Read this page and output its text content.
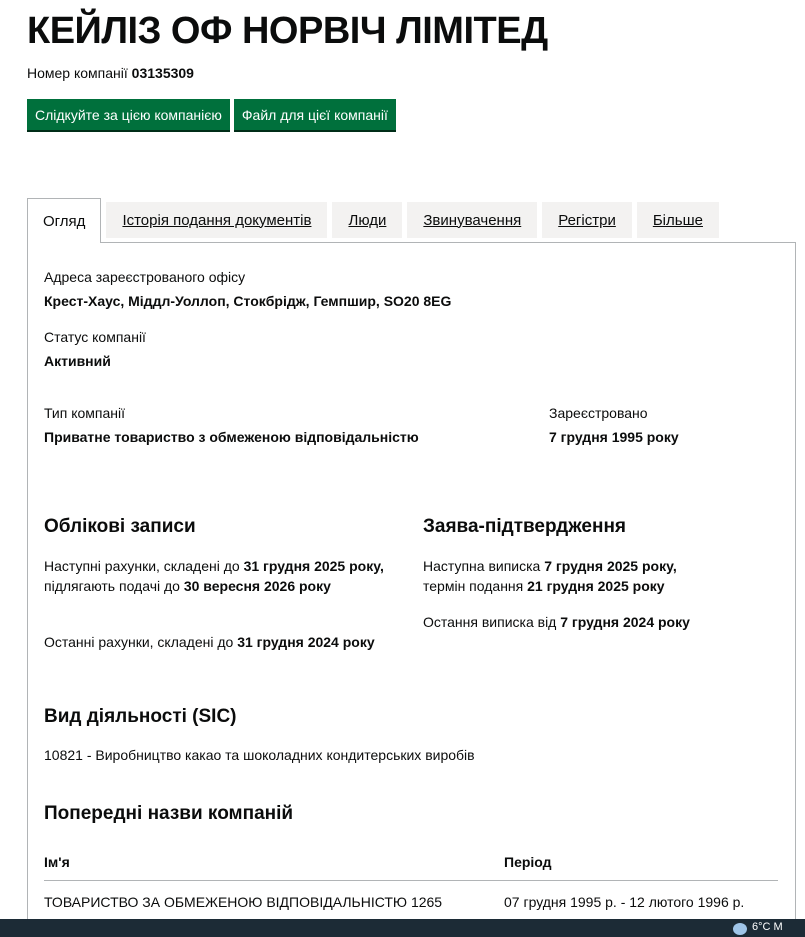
КЕЙЛІЗ ОФ НОРВІЧ ЛІМІТЕД
Номер компанії 03135309
Слідкуйте за цією компанією	Файл для цієї компанії
Огляд	Історія подання документів	Люди	Звинувачення	Регістри	Більше
Адреса зареєстрованого офісу
Крест-Хаус, Міддл-Уоллоп, Стокбрідж, Гемпшир, SO20 8EG
Статус компанії
Активний
Тип компанії
Приватне товариство з обмеженою відповідальністю
Зареєстровано
7 грудня 1995 року
Облікові записи
Наступні рахунки, складені до 31 грудня 2025 року,
підлягають подачі до 30 вересня 2026 року
Останні рахунки, складені до 31 грудня 2024 року
Заява-підтвердження
Наступна виписка 7 грудня 2025 року,
термін подання 21 грудня 2025 року
Остання виписка від 7 грудня 2024 року
Вид діяльності (SIC)
10821 - Виробництво какао та шоколадних кондитерських виробів
Попередні назви компаній
Ім'я	Період
ТОВАРИСТВО ЗА ОБМЕЖЕНОЮ ВІДПОВІДАЛЬНІСТЮ 1265	07 грудня 1995 р. - 12 лютого 1996 р.
6°C M
